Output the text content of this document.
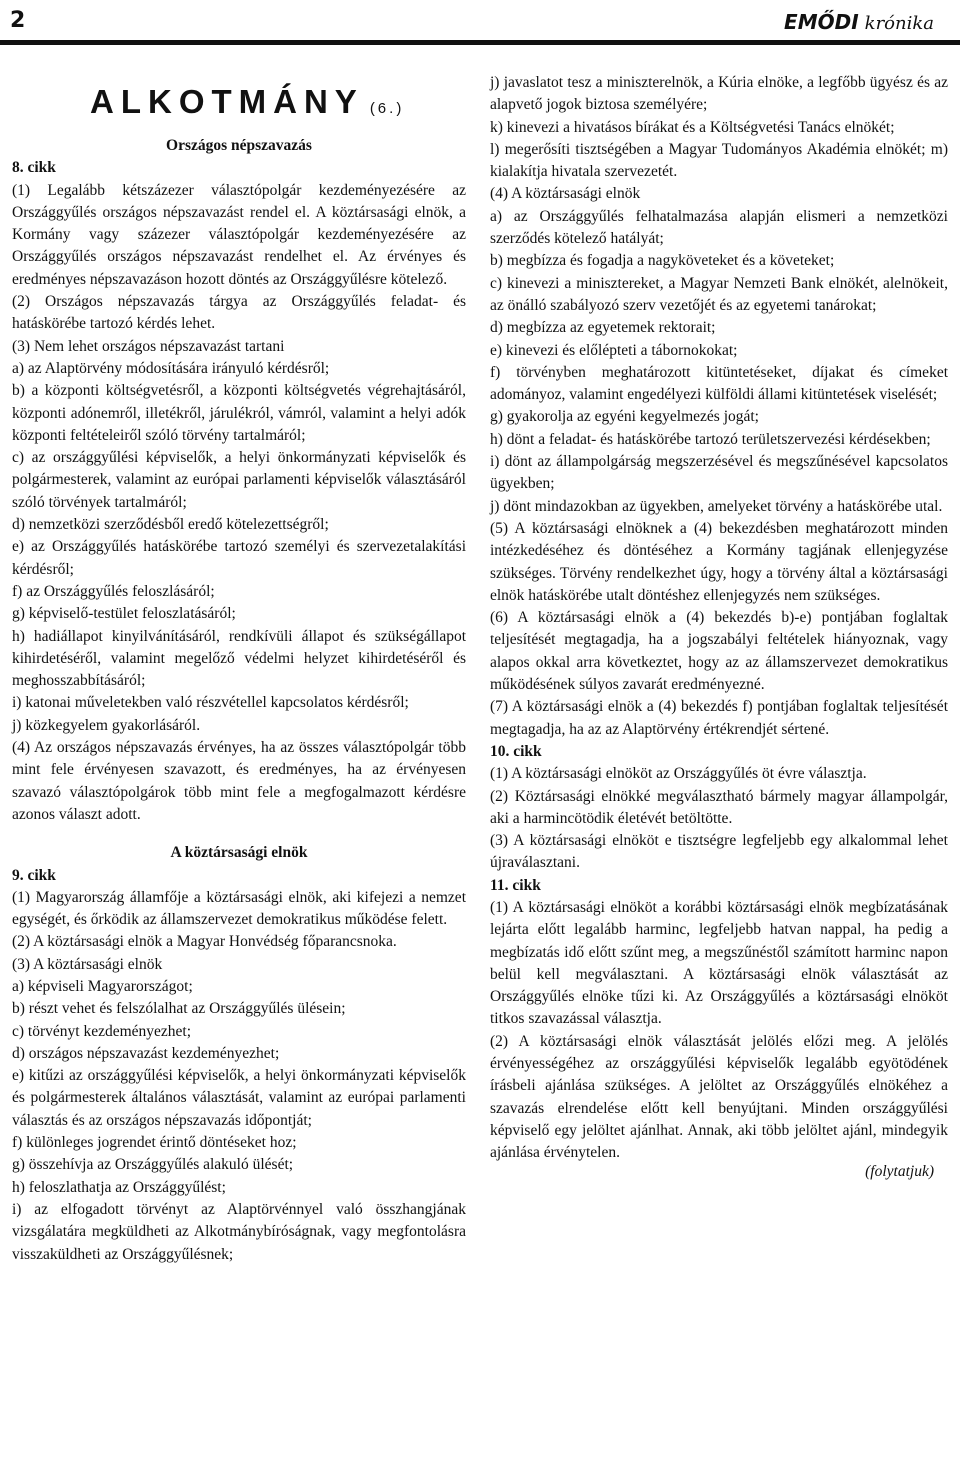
2	EMŐDI krónika

ALKOTMÁNY (6.)

Országos népszavazás

8. cikk

(1) Legalább kétszázezer választópolgár kezdeményezésére az Országgyűlés országos népszavazást rendel el. A köztársasági elnök, a Kormány vagy százezer választópolgár kezdeményezésére az Országgyűlés országos népszavazást rendelhet el. Az érvényes és eredményes népszavazáson hozott döntés az Országgyűlésre kötelező.

(2) Országos népszavazás tárgya az Országgyűlés feladat- és hatáskörébe tartozó kérdés lehet.

(3) Nem lehet országos népszavazást tartani

a) az Alaptörvény módosítására irányuló kérdésről;

b) a központi költségvetésről, a központi költségvetés végrehajtásáról, központi adónemről, illetékről, járulékról, vámról, valamint a helyi adók központi feltételeiről szóló törvény tartalmáról;

c) az országgyűlési képviselők, a helyi önkormányzati képviselők és polgármesterek, valamint az európai parlamenti képviselők választásáról szóló törvények tartalmáról;

d) nemzetközi szerződésből eredő kötelezettségről;

e) az Országgyűlés hatáskörébe tartozó személyi és szervezetalakítási kérdésről;

f) az Országgyűlés feloszlásáról;

g) képviselő-testület feloszlatásáról;

h) hadiállapot kinyilvánításáról, rendkívüli állapot és szükségállapot kihirdetéséről, valamint megelőző védelmi helyzet kihirdetéséről és meghosszabbításáról;

i) katonai műveletekben való részvétellel kapcsolatos kérdésről;

j) közkegyelem gyakorlásáról.

(4) Az országos népszavazás érvényes, ha az összes választópolgár több mint fele érvényesen szavazott, és eredményes, ha az érvényesen szavazó választópolgárok több mint fele a megfogalmazott kérdésre azonos választ adott.

A köztársasági elnök

9. cikk

(1) Magyarország államfője a köztársasági elnök, aki kifejezi a nemzet egységét, és őrködik az államszervezet demokratikus működése felett.

(2) A köztársasági elnök a Magyar Honvédség főparancsnoka.

(3) A köztársasági elnök

a) képviseli Magyarországot;

b) részt vehet és felszólalhat az Országgyűlés ülésein;

c) törvényt kezdeményezhet;

d) országos népszavazást kezdeményezhet;

e) kitűzi az országgyűlési képviselők, a helyi önkormányzati képviselők és polgármesterek általános választását, valamint az európai parlamenti választás és az országos népszavazás időpontját;

f) különleges jogrendet érintő döntéseket hoz;

g) összehívja az Országgyűlés alakuló ülését;

h) feloszlathatja az Országgyűlést;

i) az elfogadott törvényt az Alaptörvénnyel való összhangjának vizsgálatára megküldheti az Alkotmánybíróságnak, vagy megfontolásra visszaküldheti az Országgyűlésnek;

j) javaslatot tesz a miniszterelnök, a Kúria elnöke, a legfőbb ügyész és az alapvető jogok biztosa személyére;

k) kinevezi a hivatásos bírákat és a Költségvetési Tanács elnökét;

l) megerősíti tisztségében a Magyar Tudományos Akadémia elnökét; m) kialakítja hivatala szervezetét.

(4) A köztársasági elnök

a) az Országgyűlés felhatalmazása alapján elismeri a nemzetközi szerződés kötelező hatályát;

b) megbízza és fogadja a nagyköveteket és a követeket;

c) kinevezi a minisztereket, a Magyar Nemzeti Bank elnökét, alelnökeit, az önálló szabályozó szerv vezetőjét és az egyetemi tanárokat;

d) megbízza az egyetemek rektorait;

e) kinevezi és előlépteti a tábornokokat;

f) törvényben meghatározott kitüntetéseket, díjakat és címeket adományoz, valamint engedélyezi külföldi állami kitüntetések viselését;

g) gyakorolja az egyéni kegyelmezés jogát;

h) dönt a feladat- és hatáskörébe tartozó területszervezési kérdésekben;

i) dönt az állampolgárság megszerzésével és megszűnésével kapcsolatos ügyekben;

j) dönt mindazokban az ügyekben, amelyeket törvény a hatáskörébe utal.

(5) A köztársasági elnöknek a (4) bekezdésben meghatározott minden intézkedéséhez és döntéséhez a Kormány tagjának ellenjegyzése szükséges. Törvény rendelkezhet úgy, hogy a törvény által a köztársasági elnök hatáskörébe utalt döntéshez ellenjegyzés nem szükséges.

(6) A köztársasági elnök a (4) bekezdés b)-e) pontjában foglaltak teljesítését megtagadja, ha a jogszabályi feltételek hiányoznak, vagy alapos okkal arra következtet, hogy az az államszervezet demokratikus működésének súlyos zavarát eredményezné.

(7) A köztársasági elnök a (4) bekezdés f) pontjában foglaltak teljesítését megtagadja, ha az az Alaptörvény értékrendjét sértené.

10. cikk

(1) A köztársasági elnököt az Országgyűlés öt évre választja.

(2) Köztársasági elnökké megválasztható bármely magyar állampolgár, aki a harmincötödik életévét betöltötte.

(3) A köztársasági elnököt e tisztségre legfeljebb egy alkalommal lehet újraválasztani.

11. cikk

(1) A köztársasági elnököt a korábbi köztársasági elnök megbízatásának lejárta előtt legalább harminc, legfeljebb hatvan nappal, ha pedig a megbízatás idő előtt szűnt meg, a megszűnéstől számított harminc napon belül kell megválasztani. A köztársasági elnök választását az Országgyűlés elnöke tűzi ki. Az Országgyűlés a köztársasági elnököt titkos szavazással választja.

(2) A köztársasági elnök választását jelölés előzi meg. A jelölés érvényességéhez az országgyűlési képviselők legalább egyötödének írásbeli ajánlása szükséges. A jelöltet az Országgyűlés elnökéhez a szavazás elrendelése előtt kell benyújtani. Minden országgyűlési képviselő egy jelöltet ajánlhat. Annak, aki több jelöltet ajánl, mindegyik ajánlása érvénytelen.

(folytatjuk)
